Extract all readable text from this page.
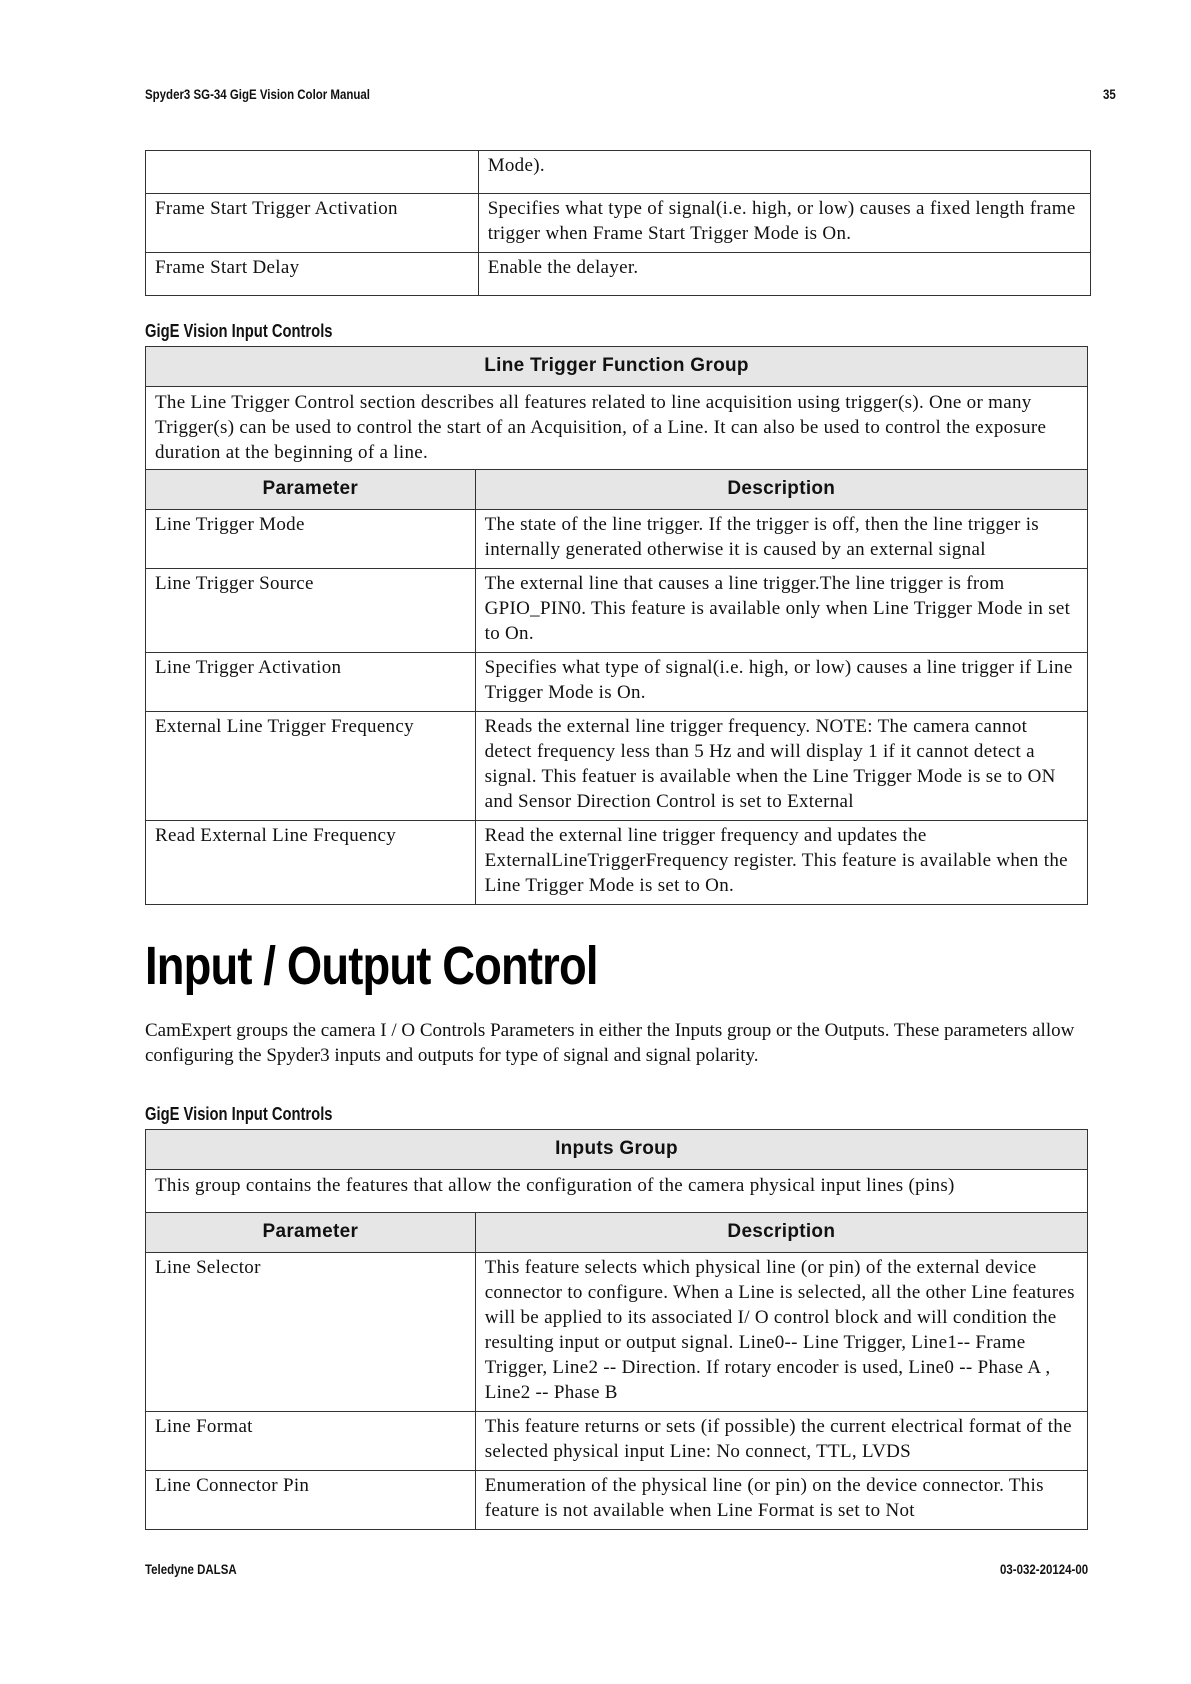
Spyder3 SG-34 GigE Vision Color Manual	35
	Mode).
Frame Start Trigger Activation	Specifies what type of signal(i.e. high, or low) causes a fixed length frame trigger when Frame Start Trigger Mode is On.
Frame Start Delay	Enable the delayer.
GigE Vision Input Controls
Line Trigger Function Group	
The Line Trigger Control section describes all features related to line acquisition using trigger(s). One or many Trigger(s) can be used to control the start of an Acquisition, of a Line. It can also be used to control the exposure duration at the beginning of a line.	
Parameter	Description
Line Trigger Mode	The state of the line trigger. If the trigger is off, then the line trigger is internally generated otherwise it is caused by an external signal
Line Trigger Source	The external line that causes a line trigger.The line trigger is from GPIO_PIN0. This feature is available only when Line Trigger Mode in set to On.
Line Trigger Activation	Specifies what type of signal(i.e. high, or low) causes a line trigger if Line Trigger Mode is On.
External Line Trigger Frequency	Reads the external line trigger frequency. NOTE: The camera cannot detect frequency less than 5 Hz and will display 1 if it cannot detect a signal. This featuer is available when the Line Trigger Mode is se to ON and Sensor Direction Control is set to External
Read External Line Frequency	Read the external line trigger frequency and updates the ExternalLineTriggerFrequency register. This feature is available when the Line Trigger Mode is set to On.
Input / Output Control

CamExpert groups the camera I / O Controls Parameters in either the Inputs group or the Outputs. These parameters allow configuring the Spyder3 inputs and outputs for type of signal and signal polarity.

GigE Vision Input Controls
Inputs Group	
This group contains the features that allow the configuration of the camera physical input lines (pins)	
Parameter	Description
Line Selector	This feature selects which physical line (or pin) of the external device connector to configure. When a Line is selected, all the other Line features will be applied to its associated I/ O control block and will condition the resulting input or output signal. Line0-- Line Trigger, Line1-- Frame Trigger, Line2 -- Direction. If rotary encoder is used, Line0 -- Phase A , Line2 -- Phase B
Line Format	This feature returns or sets (if possible) the current electrical format of the selected physical input Line: No connect, TTL, LVDS
Line Connector Pin	Enumeration of the physical line (or pin) on the device connector. This feature is not available when Line Format is set to Not
Teledyne DALSA	03-032-20124-00
